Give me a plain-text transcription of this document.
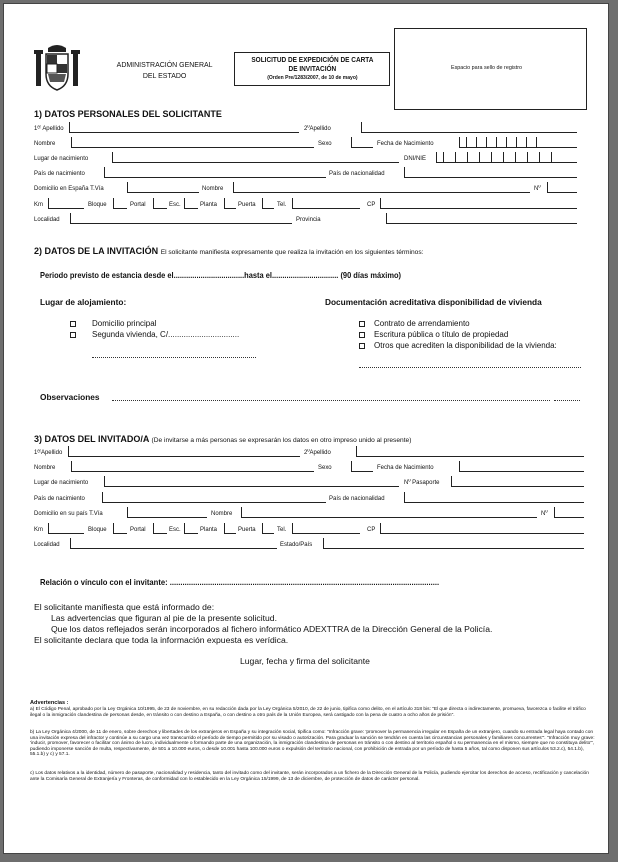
ADMINISTRACIÓN GENERAL
DEL ESTADO
SOLICITUD DE EXPEDICIÓN DE CARTA
DE INVITACIÓN
(Orden Pre/1283/2007, de 10 de mayo)
Espacio para sello de registro
1) DATOS PERSONALES DEL SOLICITANTE
1ᵉʳ Apellido	2ºApellido
Nombre	Sexo	Fecha de Nacimiento
Lugar de nacimiento	DNI/NIE
País de nacimiento	País de nacionalidad
Domicilio en España T.Vía	Nombre	Nº
Km	Bloque	Portal	Esc.	Planta	Puerta	Tel.	CP
Localidad	Provincia
2) DATOS DE LA INVITACIÓN El solicitante manifiesta expresamente que realiza la invitación en los siguientes términos:
Periodo previsto de estancia desde el..................................hasta el................................ (90 días máximo)
Lugar de alojamiento:
Domicilio principal
Segunda vivienda, C/................................
Documentación acreditativa disponibilidad de vivienda
Contrato de arrendamiento
Escritura pública o título de propiedad
Otros que acrediten la disponibilidad de la vivienda:
Observaciones
3) DATOS DEL INVITADO/A (De invitarse a más personas se expresarán los datos en otro impreso unido al presente)
1ᵉʳApellido	2ºApellido
Nombre	Sexo	Fecha de Nacimiento
Lugar de nacimiento	Nº Pasaporte
País de nacimiento	País de nacionalidad
Domicilio en su país T.Vía	Nombre	Nº
Km	Bloque	Portal	Esc.	Planta	Puerta	Tel.	CP
Localidad	Estado/País
Relación o vínculo con el invitante: ...............................................................................................................................
El solicitante manifiesta que está informado de:
Las advertencias que figuran al pie de la presente solicitud.
Que los datos reflejados serán incorporados al fichero informático ADEXTTRA de la Dirección General de la Policía.
El solicitante declara que toda la información expuesta es verídica.
Lugar, fecha y firma del solicitante
Advertencias :
a) El Código Penal, aprobado por la Ley Orgánica 10/1995, de 23 de noviembre, en su redacción dada por la Ley Orgánica 5/2010, de 22 de junio, tipifica como delito, en el artículo 318 bis: "El que directa o indirectamente, promueva, favorezca o facilite el tráfico ilegal o la inmigración clandestina de personas desde, en tránsito o con destino a España, o con destino a otro país de la Unión Europea, será castigado con la pena de cuatro a ocho años de prisión".
b) La Ley Orgánica 4/2000, de 11 de enero, sobre derechos y libertades de los extranjeros en España y su integración social, tipifica como: "Infracción grave: 'promover la permanencia irregular en España de un extranjero, cuando su entrada legal haya contado con una invitación expresa del infractor y continúe a su cargo una vez transcurrido el período de tiempo permitido por su visado o autorización. Para graduar la sanción se tendrán en cuenta las circunstancias personales y familiares concurrentes'". "Infracción muy grave: 'inducir, promover, favorecer o facilitar con ánimo de lucro, individualmente o formando parte de una organización, la inmigración clandestina de personas en tránsito o con destino al territorio español o su permanencia en el mismo, siempre que no constituya delito'", pudiendo imponerse sanción de multa, respectivamente, de 501 a 10.000 euros, o desde 10.001 hasta 100.000 euros o expulsión del territorio nacional, con prohibición de entrada por un período de hasta 5 años, tal como disponen sus artículos 53.2.c), 54.1.b), 55.1.b) y c) y 57.1.
c) Los datos relativos a la identidad, número de pasaporte, nacionalidad y residencia, tanto del invitado como del invitante, serán incorporados a un fichero de la Dirección General de la Policía, pudiendo ejercitar los derechos de acceso, rectificación y cancelación ante la Comisaría General de Extranjería y Fronteras, de conformidad con lo establecido en la Ley Orgánica 15/1999, de 13 de diciembre, de protección de datos de carácter personal.
